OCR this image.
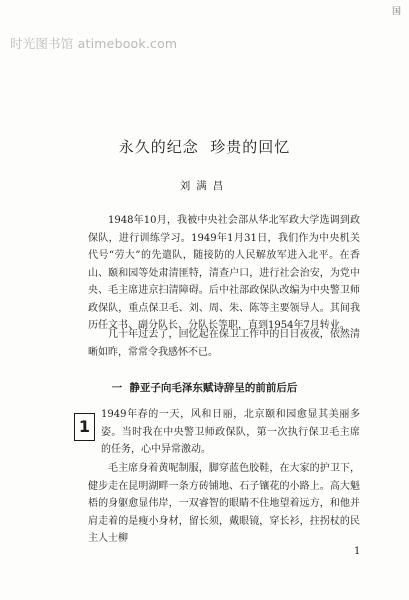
时光图书馆 atimebook.com
国
永久的纪念  珍贵的回忆
刘满昌

1948年10月，我被中央社会部从华北军政大学选调到政保队，进行训练学习。1949年1月31日，我们作为中央机关代号“劳大”的先遣队，随接防的人民解放军进入北平。在香山、颐和园等处肃清匪特，清查户口，进行社会治安，为党中央、毛主席进京扫清障碍。后中社部政保队改编为中央警卫师政保队，重点保卫毛、刘、周、朱、陈等主要领导人。其间我历任文书、副分队长、分队长等职，直到1954年7月转业。

几十年过去了，回忆起在保卫工作中的日日夜夜，依然清晰如昨，常常令我感怀不已。

一  静亚子向毛泽东赋诗辞呈的前前后后
1

1949年春的一天，风和日丽，北京颐和园愈显其美丽多姿。当时我在中央警卫师政保队，第一次执行保卫毛主席的任务，心中异常激动。

毛主席身着黄呢制服，脚穿蓝色胶鞋，在大家的护卫下，健步走在昆明湖畔一条方砖铺地、石子镶花的小路上。高大魁梧的身躯愈显伟岸，一双睿智的眼睛不住地望着远方，和他并肩走着的是瘦小身材，留长须，戴眼镜，穿长衫，拄拐杖的民主人士柳

1
